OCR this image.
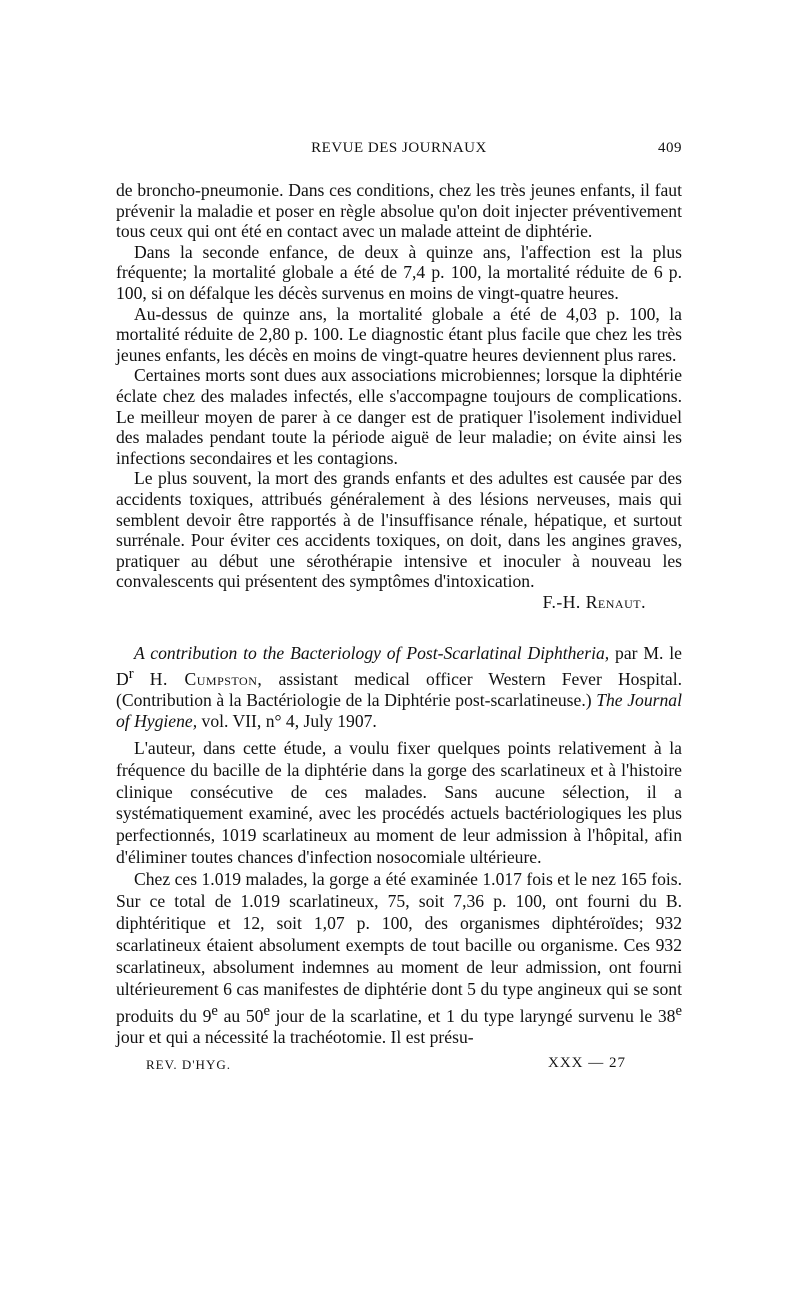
REVUE DES JOURNAUX	409

de broncho-pneumonie. Dans ces conditions, chez les très jeunes enfants, il faut prévenir la maladie et poser en règle absolue qu'on doit injecter préventivement tous ceux qui ont été en contact avec un malade atteint de diphtérie.

Dans la seconde enfance, de deux à quinze ans, l'affection est la plus fréquente; la mortalité globale a été de 7,4 p. 100, la mortalité réduite de 6 p. 100, si on défalque les décès survenus en moins de vingt-quatre heures.

Au-dessus de quinze ans, la mortalité globale a été de 4,03 p. 100, la mortalité réduite de 2,80 p. 100. Le diagnostic étant plus facile que chez les très jeunes enfants, les décès en moins de vingt-quatre heures deviennent plus rares.

Certaines morts sont dues aux associations microbiennes; lorsque la diphtérie éclate chez des malades infectés, elle s'accompagne toujours de complications. Le meilleur moyen de parer à ce danger est de pratiquer l'isolement individuel des malades pendant toute la période aiguë de leur maladie; on évite ainsi les infections secondaires et les contagions.

Le plus souvent, la mort des grands enfants et des adultes est causée par des accidents toxiques, attribués généralement à des lésions nerveuses, mais qui semblent devoir être rapportés à de l'insuffisance rénale, hépatique, et surtout surrénale. Pour éviter ces accidents toxiques, on doit, dans les angines graves, pratiquer au début une sérothérapie intensive et inoculer à nouveau les convalescents qui présentent des symptômes d'intoxication.

F.-H. Renaut.

A contribution to the Bacteriology of Post-Scarlatinal Diphtheria, par M. le $D^r$ H. Cumpston, assistant medical officer Western Fever Hospital. (Contribution à la Bactériologie de la Diphtérie post-scarlatineuse.) The Journal of Hygiene, vol. VII, n° 4, July 1907.

L'auteur, dans cette étude, a voulu fixer quelques points relativement à la fréquence du bacille de la diphtérie dans la gorge des scarlatineux et à l'histoire clinique consécutive de ces malades. Sans aucune sélection, il a systématiquement examiné, avec les procédés actuels bactériologiques les plus perfectionnés, 1019 scarlatineux au moment de leur admission à l'hôpital, afin d'éliminer toutes chances d'infection nosocomiale ultérieure.

Chez ces 1.019 malades, la gorge a été examinée 1.017 fois et le nez 165 fois. Sur ce total de 1.019 scarlatineux, 75, soit 7,36 p. 100, ont fourni du B. diphtéritique et 12, soit 1,07 p. 100, des organismes diphtéroïdes; 932 scarlatineux étaient absolument exempts de tout bacille ou organisme. Ces 932 scarlatineux, absolument indemnes au moment de leur admission, ont fourni ultérieurement 6 cas manifestes de diphtérie dont 5 du type angineux qui se sont produits du 9e au 50e jour de la scarlatine, et 1 du type laryngé survenu le 38e jour et qui a nécessité la trachéotomie. Il est présu-

REV. D'HYG.	XXX — 27
